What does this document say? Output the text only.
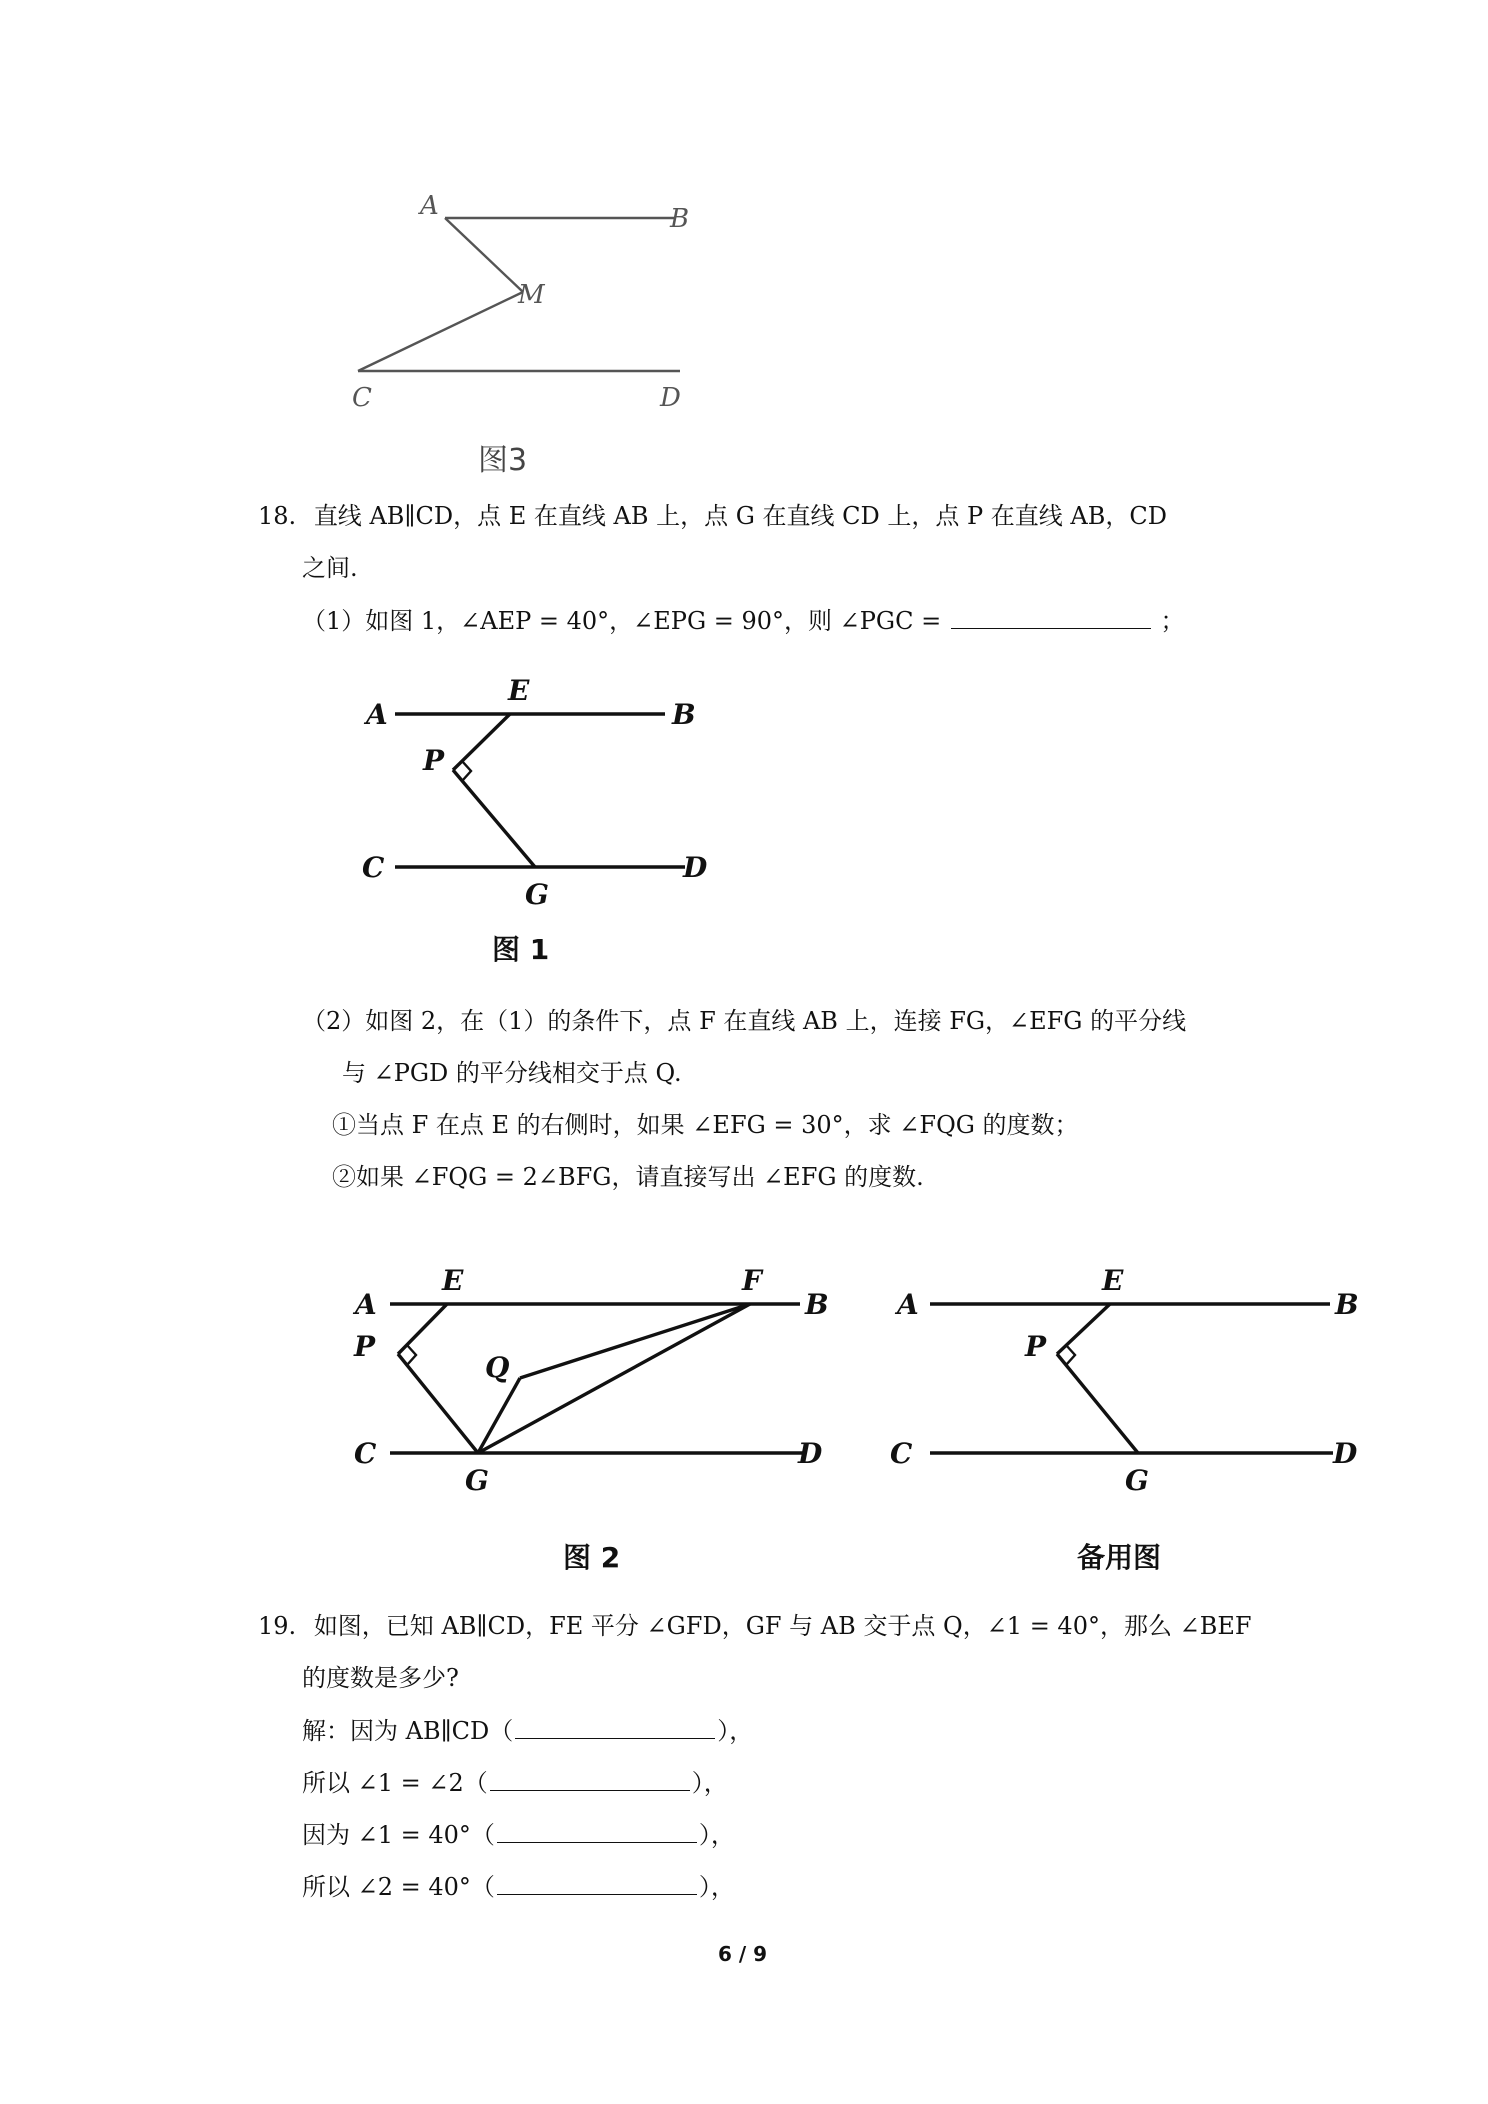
A	B
M
C	D
图3
18. 直线 AB∥CD，点 E 在直线 AB 上，点 G 在直线 CD 上，点 P 在直线 AB，CD
之间.
（1）如图 1，∠AEP = 40°，∠EPG = 90°，则 ∠PGC =	；
A
E
B
P
C
G
D
图 1
（2）如图 2，在（1）的条件下，点 F 在直线 AB 上，连接 FG，∠EFG 的平分线
与 ∠PGD 的平分线相交于点 Q.
①当点 F 在点 E 的右侧时，如果 ∠EFG = 30°，求 ∠FQG 的度数；
②如果 ∠FQG = 2∠BFG，请直接写出 ∠EFG 的度数.
A
E	F
B
P
Q
C
G
D
图 2
A
E
B
P
C
G
D
备用图
19. 如图，已知 AB∥CD，FE 平分 ∠GFD，GF 与 AB 交于点 Q，∠1 = 40°，那么 ∠BEF
的度数是多少?
解：因为 AB∥CD（	），
所以 ∠1 = ∠2（	），
因为 ∠1 = 40°（	），
所以 ∠2 = 40°（	），
6 / 9
